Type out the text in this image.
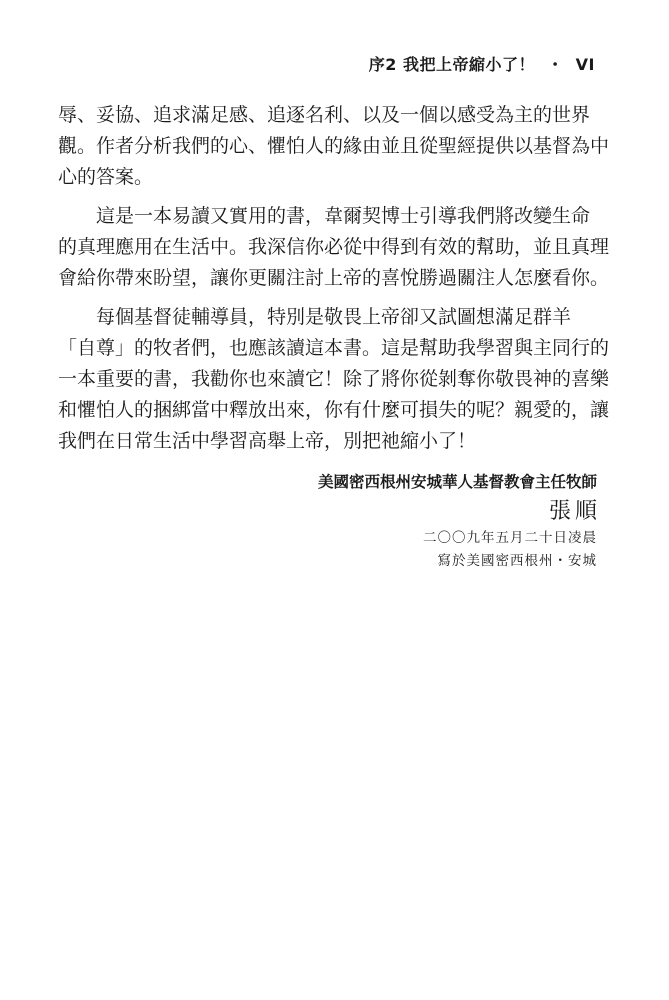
序2 我把上帝縮小了！ ・ VI
辱、妥協、追求滿足感、追逐名利、以及一個以感受為主的世界
觀。作者分析我們的心、懼怕人的緣由並且從聖經提供以基督為中
心的答案。
這是一本易讀又實用的書，韋爾契博士引導我們將改變生命
的真理應用在生活中。我深信你必從中得到有效的幫助，並且真理
會給你帶來盼望，讓你更關注討上帝的喜悅勝過關注人怎麼看你。
每個基督徒輔導員，特別是敬畏上帝卻又試圖想滿足群羊
「自尊」的牧者們，也應該讀這本書。這是幫助我學習與主同行的
一本重要的書，我勸你也來讀它！除了將你從剝奪你敬畏神的喜樂
和懼怕人的捆綁當中釋放出來，你有什麼可損失的呢？親愛的，讓
我們在日常生活中學習高舉上帝，別把祂縮小了！
美國密西根州安城華人基督教會主任牧師
張順
二〇〇九年五月二十日凌晨
寫於美國密西根州・安城
